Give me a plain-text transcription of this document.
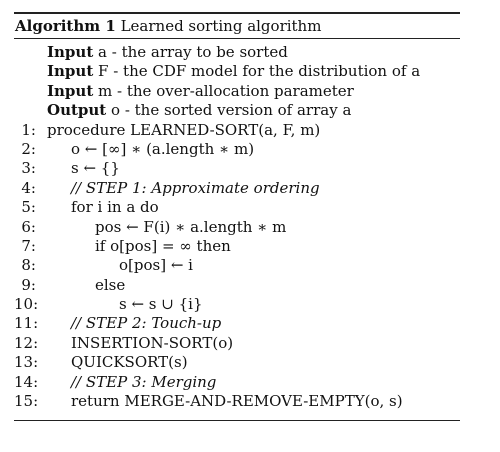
Algorithm 1 Learned sorting algorithm
Input a - the array to be sorted
Input F - the CDF model for the distribution of a
Input m - the over-allocation parameter
Output o - the sorted version of array a
1: procedure LEARNED-SORT(a, F, m)
2: o ← [∞] ∗ (a.length ∗ m)
3: s ← {}
4: // STEP 1: Approximate ordering
5: for i in a do
6:	pos ← F(i) ∗ a.length ∗ m
7:	if o[pos] = ∞ then
8:	o[pos] ← i
9:	else
10:	s ← s ∪ {i}
11: // STEP 2: Touch-up
12: INSERTION-SORT(o)
13: QUICKSORT(s)
14: // STEP 3: Merging
15: return MERGE-AND-REMOVE-EMPTY(o, s)
